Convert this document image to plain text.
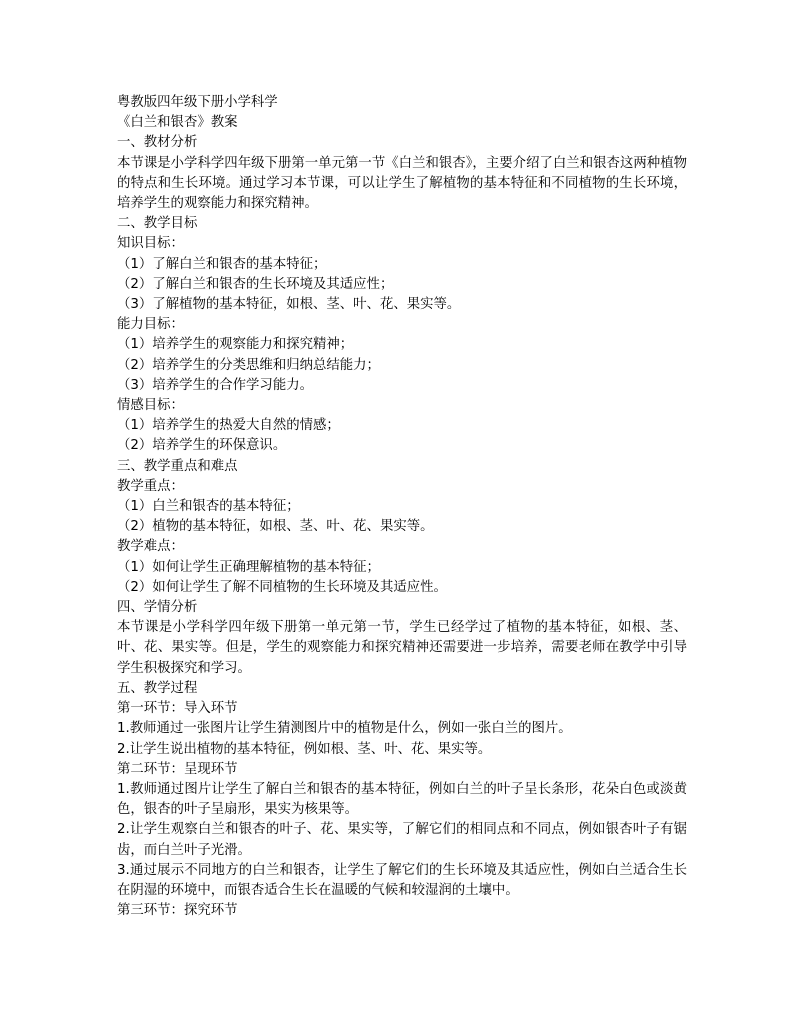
粤教版四年级下册小学科学

《白兰和银杏》教案

一、教材分析

本节课是小学科学四年级下册第一单元第一节《白兰和银杏》，主要介绍了白兰和银杏这两种植物的特点和生长环境。通过学习本节课，可以让学生了解植物的基本特征和不同植物的生长环境，培养学生的观察能力和探究精神。

二、教学目标

知识目标：

（1）了解白兰和银杏的基本特征；

（2）了解白兰和银杏的生长环境及其适应性；

（3）了解植物的基本特征，如根、茎、叶、花、果实等。

能力目标：

（1）培养学生的观察能力和探究精神；

（2）培养学生的分类思维和归纳总结能力；

（3）培养学生的合作学习能力。

情感目标：

（1）培养学生的热爱大自然的情感；

（2）培养学生的环保意识。

三、教学重点和难点

教学重点：

（1）白兰和银杏的基本特征；

（2）植物的基本特征，如根、茎、叶、花、果实等。

教学难点：

（1）如何让学生正确理解植物的基本特征；

（2）如何让学生了解不同植物的生长环境及其适应性。

四、学情分析

本节课是小学科学四年级下册第一单元第一节，学生已经学过了植物的基本特征，如根、茎、叶、花、果实等。但是，学生的观察能力和探究精神还需要进一步培养，需要老师在教学中引导学生积极探究和学习。

五、教学过程

第一环节：导入环节

1.教师通过一张图片让学生猜测图片中的植物是什么，例如一张白兰的图片。

2.让学生说出植物的基本特征，例如根、茎、叶、花、果实等。

第二环节：呈现环节

1.教师通过图片让学生了解白兰和银杏的基本特征，例如白兰的叶子呈长条形，花朵白色或淡黄色，银杏的叶子呈扇形，果实为核果等。

2.让学生观察白兰和银杏的叶子、花、果实等，了解它们的相同点和不同点，例如银杏叶子有锯齿，而白兰叶子光滑。

3.通过展示不同地方的白兰和银杏，让学生了解它们的生长环境及其适应性，例如白兰适合生长在阴湿的环境中，而银杏适合生长在温暖的气候和较湿润的土壤中。

第三环节：探究环节
